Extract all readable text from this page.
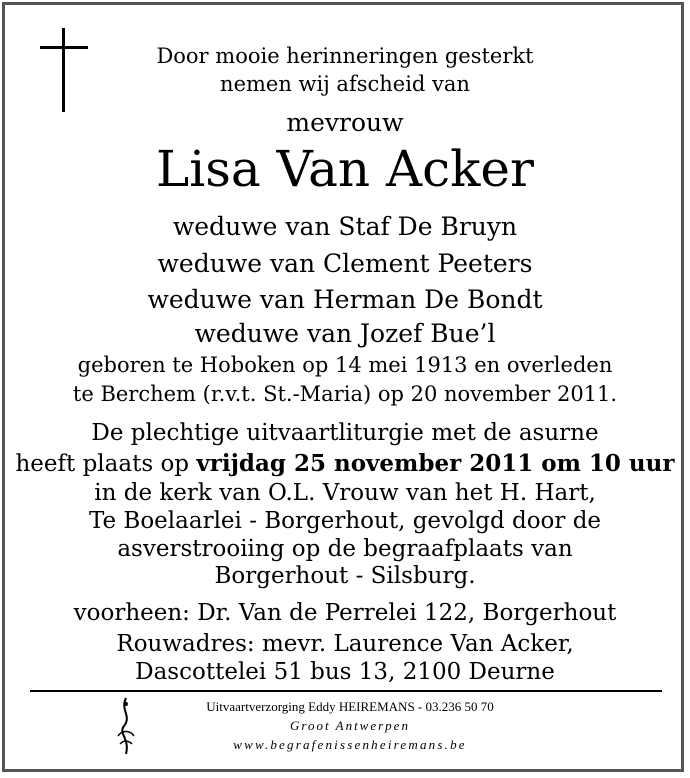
Door mooie herinneringen gesterkt
nemen wij afscheid van
mevrouw
Lisa Van Acker
weduwe van Staf De Bruyn
weduwe van Clement Peeters
weduwe van Herman De Bondt
weduwe van Jozef Bue’l
geboren te Hoboken op 14 mei 1913 en overleden
te Berchem (r.v.t. St.-Maria) op 20 november 2011.
De plechtige uitvaartliturgie met de asurne
heeft plaats op vrijdag 25 november 2011 om 10 uur
in de kerk van O.L. Vrouw van het H. Hart,
Te Boelaarlei - Borgerhout, gevolgd door de
asverstrooiing op de begraafplaats van
Borgerhout - Silsburg.
voorheen: Dr. Van de Perrelei 122, Borgerhout
Rouwadres: mevr. Laurence Van Acker,
Dascottelei 51 bus 13, 2100 Deurne
Uitvaartverzorging Eddy HEIREMANS - 03.236 50 70
Groot Antwerpen
www.begrafenissenheiremans.be
